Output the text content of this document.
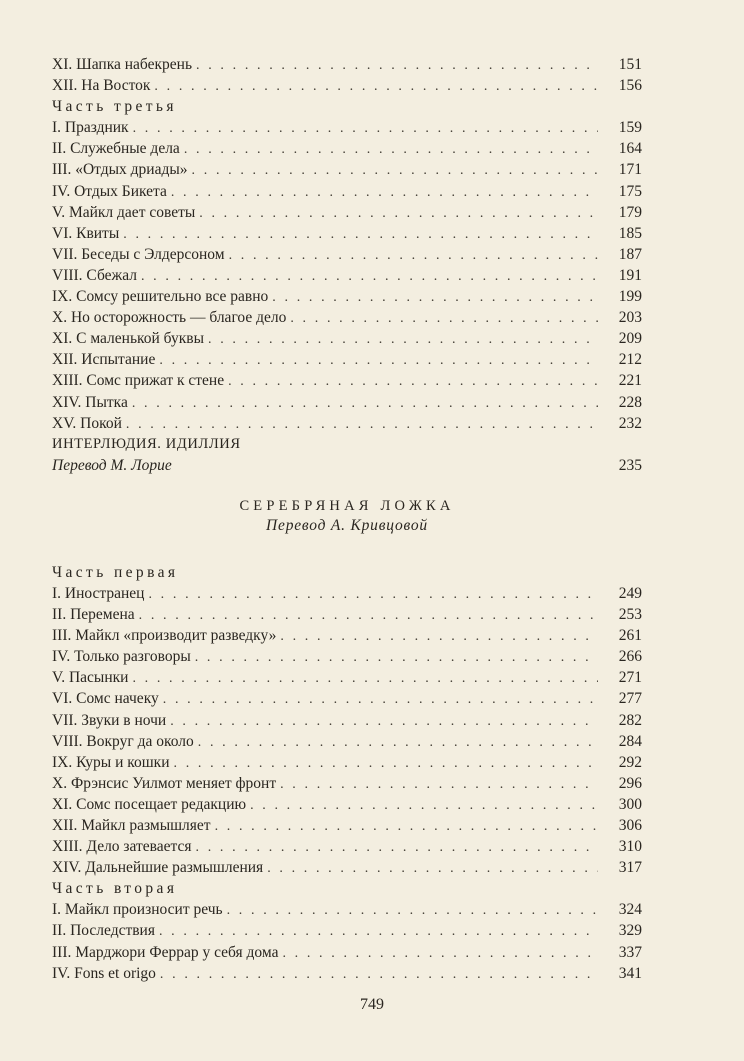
XI. Шапка набекрень . . .	151
XII. На Восток . . .	156
Часть третья
I. Праздник . . .	159
II. Служебные дела . . .	164
III. «Отдых дриады» . . .	171
IV. Отдых Бикета . . .	175
V. Майкл дает советы . . .	179
VI. Квиты . . .	185
VII. Беседы с Элдерсоном . . .	187
VIII. Сбежал . . .	191
IX. Сомсу решительно все равно . . .	199
X. Но осторожность — благое дело . . .	203
XI. С маленькой буквы . . .	209
XII. Испытание . . .	212
XIII. Сомс прижат к стене . . .	221
XIV. Пытка . . .	228
XV. Покой . . .	232
ИНТЕРЛЮДИЯ. ИДИЛЛИЯ
Перевод М. Лорие	235
СЕРЕБРЯНАЯ ЛОЖКА
Перевод А. Кривцовой
Часть первая
I. Иностранец . . .	249
II. Перемена . . .	253
III. Майкл «производит разведку» . . .	261
IV. Только разговоры . . .	266
V. Пасынки . . .	271
VI. Сомс начеку . . .	277
VII. Звуки в ночи . . .	282
VIII. Вокруг да около . . .	284
IX. Куры и кошки . . .	292
X. Фрэнсис Уилмот меняет фронт . . .	296
XI. Сомс посещает редакцию . . .	300
XII. Майкл размышляет . . .	306
XIII. Дело затевается . . .	310
XIV. Дальнейшие размышления . . .	317
Часть вторая
I. Майкл произносит речь . . .	324
II. Последствия . . .	329
III. Марджори Феррар у себя дома . . .	337
IV. Fons et origo . . .	341
749
